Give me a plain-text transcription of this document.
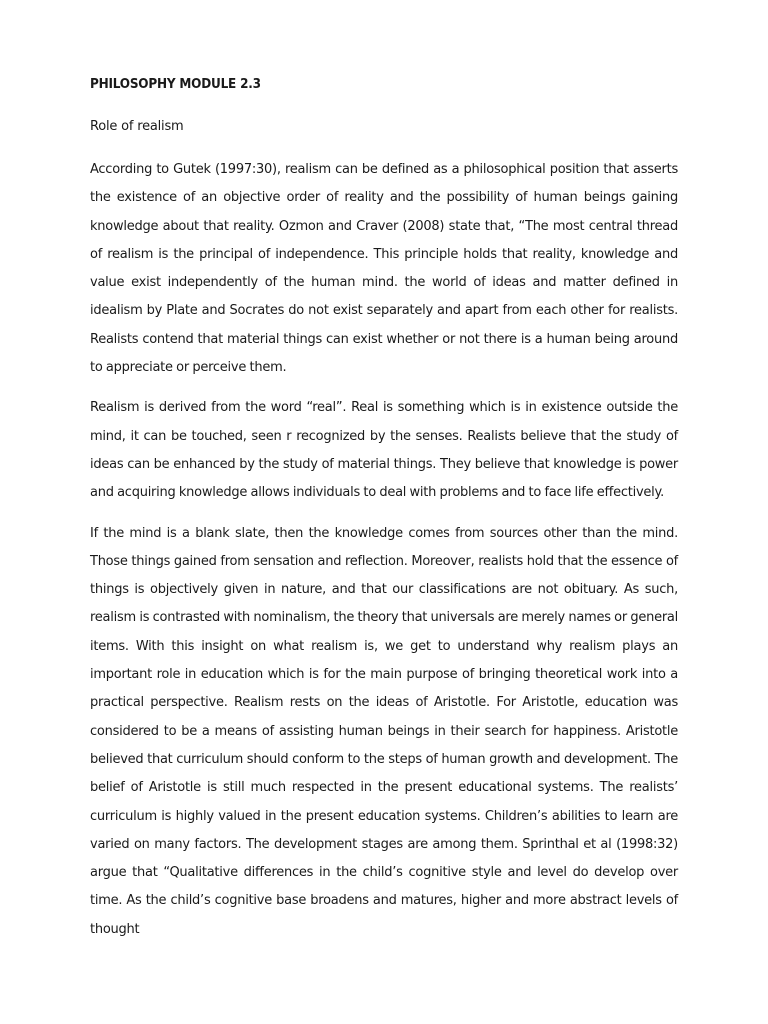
PHILOSOPHY MODULE 2.3
Role of realism

According to Gutek (1997:30), realism can be defined as a philosophical position that asserts the existence of an objective order of reality and the possibility of human beings gaining knowledge about that reality. Ozmon and Craver (2008) state that, “The most central thread of realism is the principal of independence. This principle holds that reality, knowledge and value exist independently of the human mind. the world of ideas and matter defined in idealism by Plate and Socrates do not exist separately and apart from each other for realists. Realists contend that material things can exist whether or not there is a human being around to appreciate or perceive them.

Realism is derived from the word “real”. Real is something which is in existence outside the mind, it can be touched, seen r recognized by the senses. Realists believe that the study of ideas can be enhanced by the study of material things. They believe that knowledge is power and acquiring knowledge allows individuals to deal with problems and to face life effectively.

If the mind is a blank slate, then the knowledge comes from sources other than the mind. Those things gained from sensation and reflection. Moreover, realists hold that the essence of things is objectively given in nature, and that our classifications are not obituary. As such, realism is contrasted with nominalism, the theory that universals are merely names or general items. With this insight on what realism is, we get to understand why realism plays an important role in education which is for the main purpose of bringing theoretical work into a practical perspective. Realism rests on the ideas of Aristotle. For Aristotle, education was considered to be a means of assisting human beings in their search for happiness. Aristotle believed that curriculum should conform to the steps of human growth and development. The belief of Aristotle is still much respected in the present educational systems. The realists’ curriculum is highly valued in the present education systems. Children’s abilities to learn are varied on many factors. The development stages are among them. Sprinthal et al (1998:32) argue that “Qualitative differences in the child’s cognitive style and level do develop over time. As the child’s cognitive base broadens and matures, higher and more abstract levels of thought
